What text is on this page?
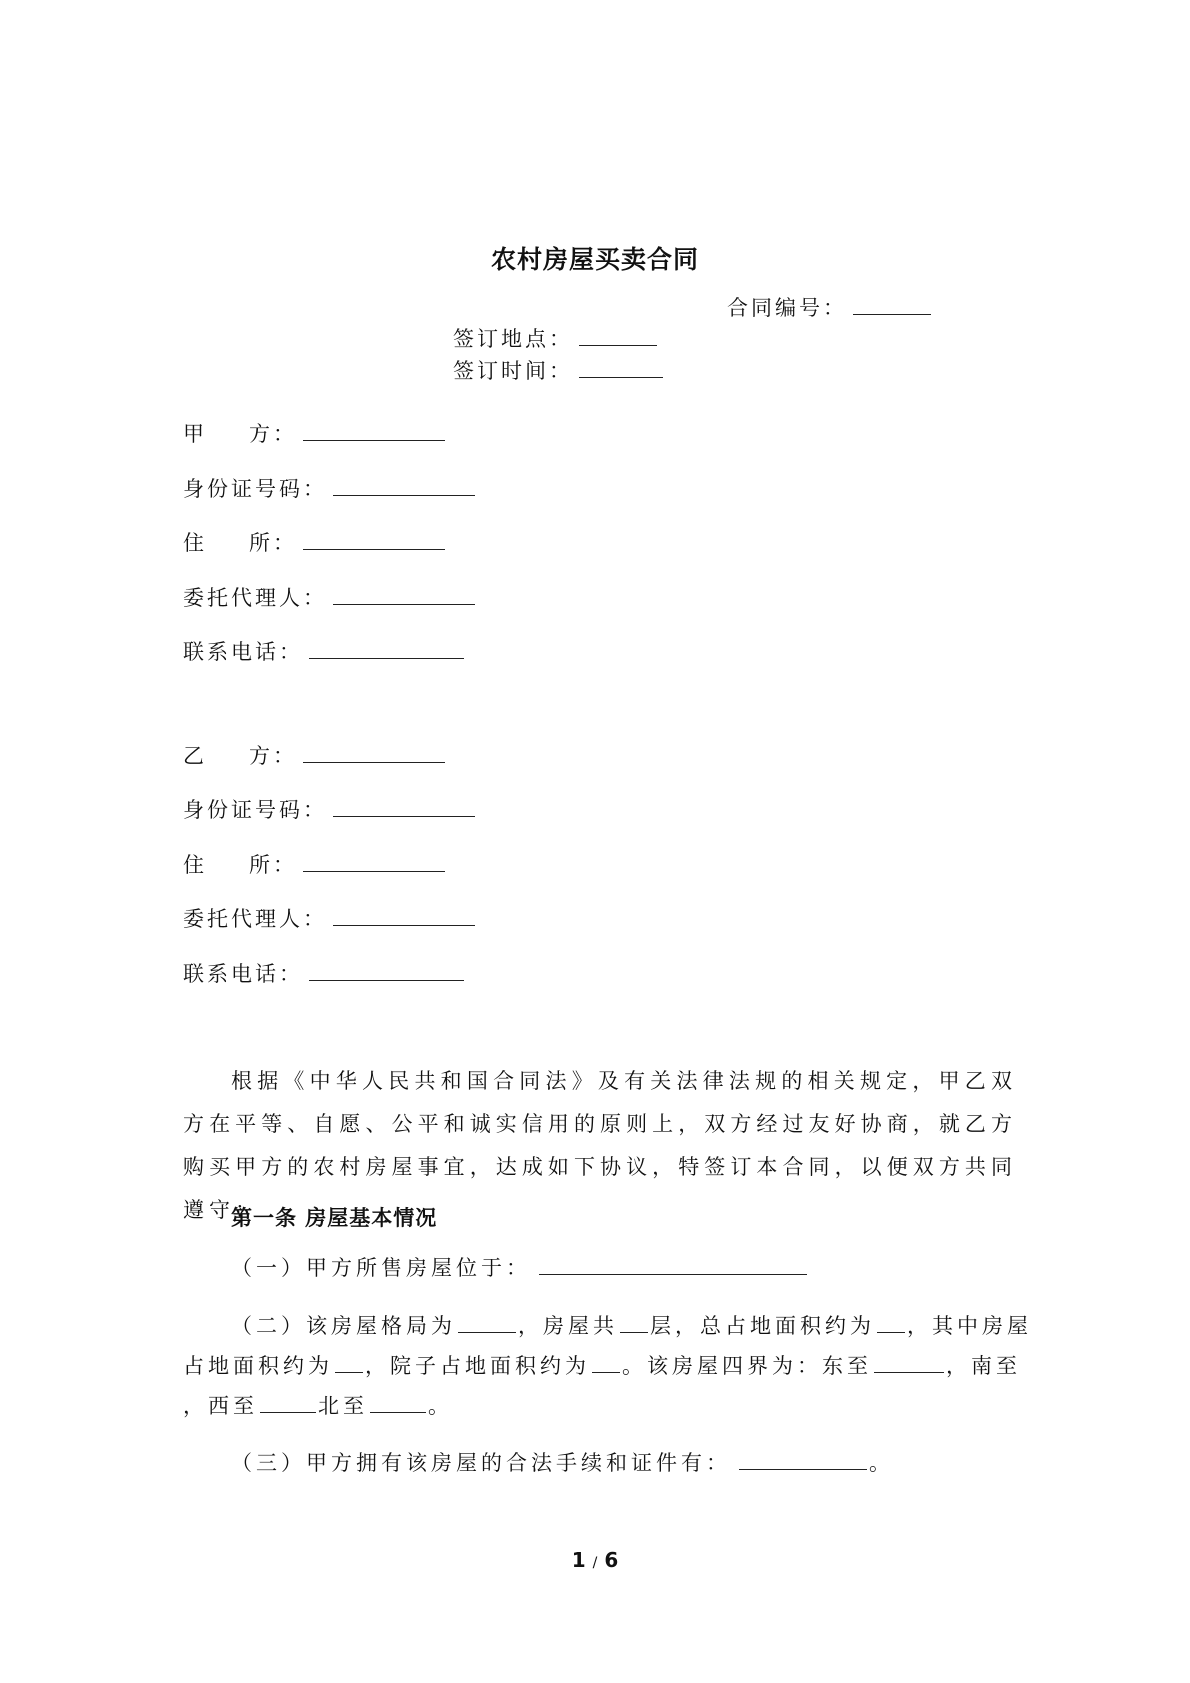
农村房屋买卖合同
合同编号：
签订地点：
签订时间：
甲 方：
身份证号码：
住 所：
委托代理人：
联系电话：
乙 方：
身份证号码：
住 所：
委托代理人：
联系电话：
根据《中华人民共和国合同法》及有关法律法规的相关规定，甲乙双方在平等、自愿、公平和诚实信用的原则上，双方经过友好协商，就乙方购买甲方的农村房屋事宜，达成如下协议，特签订本合同，以便双方共同遵守：
第一条 房屋基本情况
（一）甲方所售房屋位于：
（二）该房屋格局为	，房屋共 层，总占地面积约为 ，其中房屋
占地面积约为 ，院子占地面积约为 。该房屋四界为：东至	，南至
，西至	北至	。
（三）甲方拥有该房屋的合法手续和证件有：	。
1 / 6
